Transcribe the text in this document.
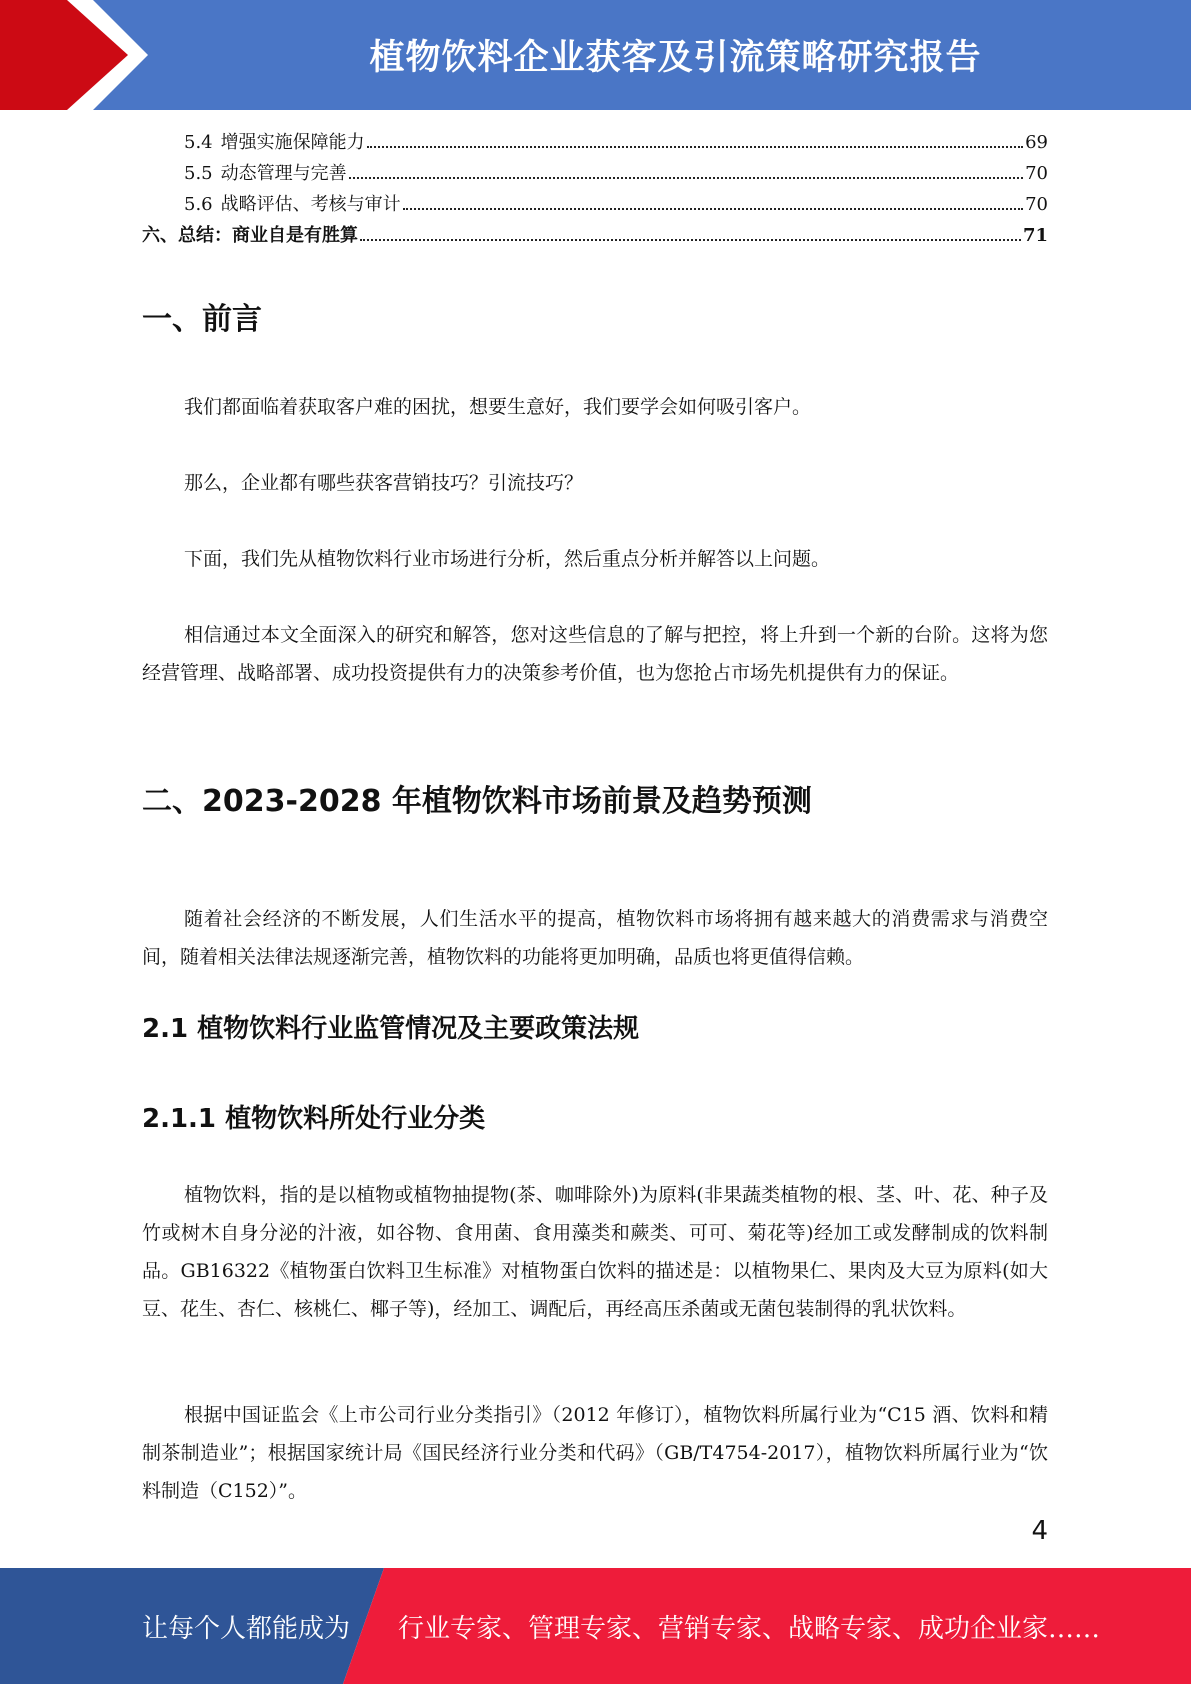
植物饮料企业获客及引流策略研究报告
5.4 增强实施保障能力	69
5.5 动态管理与完善	70
5.6 战略评估、考核与审计	70
六、总结：商业自是有胜算	71
一、前言

我们都面临着获取客户难的困扰，想要生意好，我们要学会如何吸引客户。

那么，企业都有哪些获客营销技巧？引流技巧？

下面，我们先从植物饮料行业市场进行分析，然后重点分析并解答以上问题。

相信通过本文全面深入的研究和解答，您对这些信息的了解与把控，将上升到一个新的台阶。这将为您经营管理、战略部署、成功投资提供有力的决策参考价值，也为您抢占市场先机提供有力的保证。

二、2023-2028 年植物饮料市场前景及趋势预测

随着社会经济的不断发展，人们生活水平的提高，植物饮料市场将拥有越来越大的消费需求与消费空间，随着相关法律法规逐渐完善，植物饮料的功能将更加明确，品质也将更值得信赖。

2.1 植物饮料行业监管情况及主要政策法规
2.1.1 植物饮料所处行业分类

植物饮料，指的是以植物或植物抽提物(茶、咖啡除外)为原料(非果蔬类植物的根、茎、叶、花、种子及竹或树木自身分泌的汁液，如谷物、食用菌、食用藻类和蕨类、可可、菊花等)经加工或发酵制成的饮料制品。GB16322《植物蛋白饮料卫生标准》对植物蛋白饮料的描述是：以植物果仁、果肉及大豆为原料(如大豆、花生、杏仁、核桃仁、椰子等)，经加工、调配后，再经高压杀菌或无菌包装制得的乳状饮料。

根据中国证监会《上市公司行业分类指引》（2012 年修订），植物饮料所属行业为“C15 酒、饮料和精制茶制造业”；根据国家统计局《国民经济行业分类和代码》（GB/T4754-2017），植物饮料所属行业为“饮料制造（C152）”。

4
让每个人都能成为 行业专家、管理专家、营销专家、战略专家、成功企业家……
